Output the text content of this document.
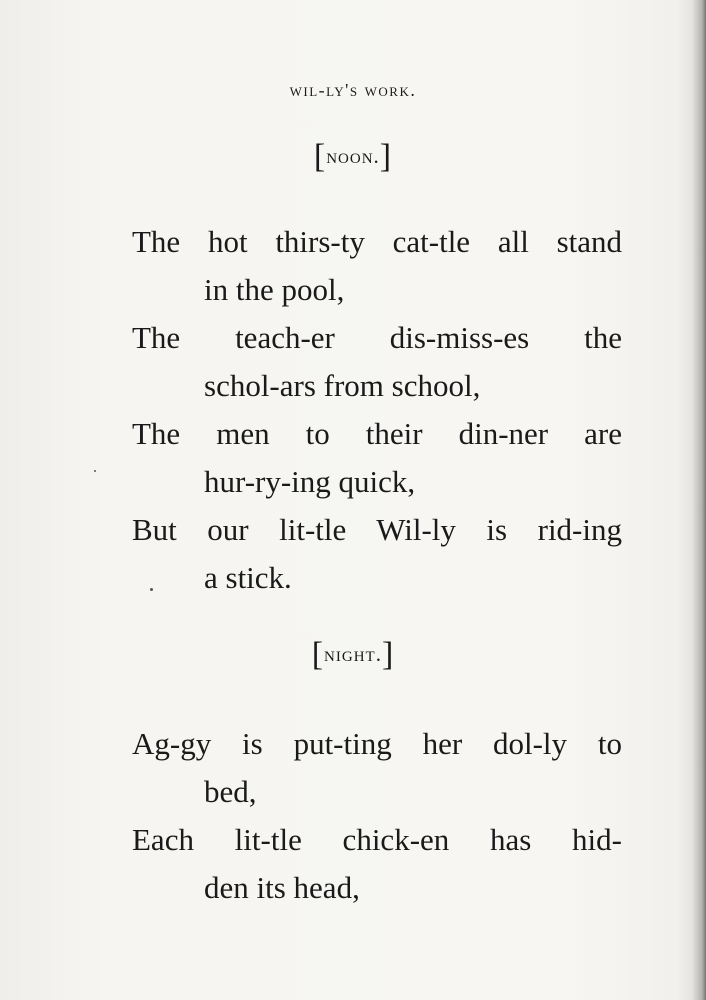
wil-ly's work.
[noon.]
The hot thirs-ty cat-tle all stand
in the pool,
The teach-er dis-miss-es the
schol-ars from school,
The men to their din-ner are
hur-ry-ing quick,
But our lit-tle Wil-ly is rid-ing
a stick.
[night.]
Ag-gy is put-ting her dol-ly to
bed,
Each lit-tle chick-en has hid-
den its head,
